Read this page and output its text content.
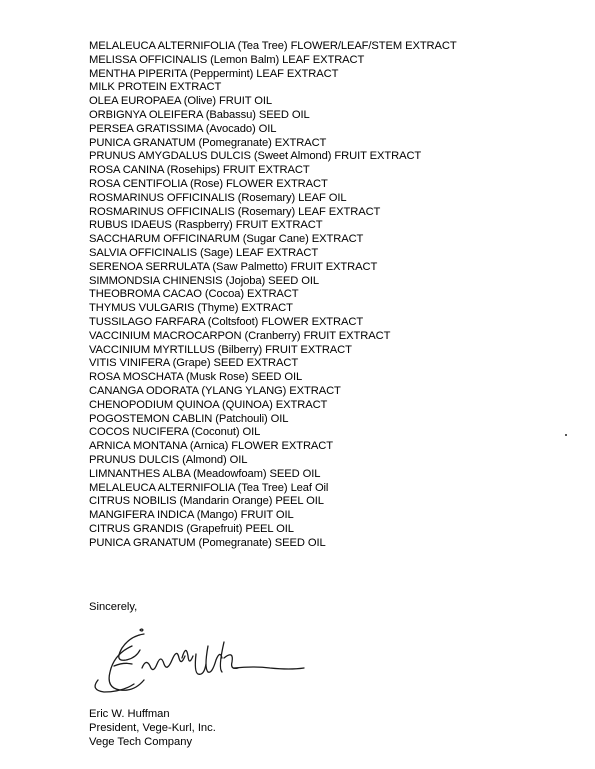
MELALEUCA ALTERNIFOLIA (Tea Tree) FLOWER/LEAF/STEM EXTRACT
MELISSA OFFICINALIS (Lemon Balm) LEAF EXTRACT
MENTHA PIPERITA (Peppermint) LEAF EXTRACT
MILK PROTEIN EXTRACT
OLEA EUROPAEA (Olive) FRUIT OIL
ORBIGNYA OLEIFERA (Babassu) SEED OIL
PERSEA GRATISSIMA (Avocado) OIL
PUNICA GRANATUM (Pomegranate) EXTRACT
PRUNUS AMYGDALUS DULCIS (Sweet Almond) FRUIT EXTRACT
ROSA CANINA (Rosehips) FRUIT EXTRACT
ROSA CENTIFOLIA (Rose) FLOWER EXTRACT
ROSMARINUS OFFICINALIS (Rosemary) LEAF OIL
ROSMARINUS OFFICINALIS (Rosemary) LEAF EXTRACT
RUBUS IDAEUS (Raspberry) FRUIT EXTRACT
SACCHARUM OFFICINARUM (Sugar Cane) EXTRACT
SALVIA OFFICINALIS (Sage) LEAF EXTRACT
SERENOA SERRULATA (Saw Palmetto) FRUIT EXTRACT
SIMMONDSIA CHINENSIS (Jojoba) SEED OIL
THEOBROMA CACAO (Cocoa) EXTRACT
THYMUS VULGARIS (Thyme) EXTRACT
TUSSILAGO FARFARA (Coltsfoot) FLOWER EXTRACT
VACCINIUM MACROCARPON (Cranberry) FRUIT EXTRACT
VACCINIUM MYRTILLUS (Bilberry) FRUIT EXTRACT
VITIS VINIFERA (Grape) SEED EXTRACT
ROSA MOSCHATA (Musk Rose) SEED OIL
CANANGA ODORATA (YLANG YLANG) EXTRACT
CHENOPODIUM QUINOA (QUINOA) EXTRACT
POGOSTEMON CABLIN (Patchouli) OIL
COCOS NUCIFERA (Coconut) OIL
ARNICA MONTANA (Arnica) FLOWER EXTRACT
PRUNUS DULCIS (Almond) OIL
LIMNANTHES ALBA (Meadowfoam) SEED OIL
MELALEUCA ALTERNIFOLIA (Tea Tree) Leaf Oil
CITRUS NOBILIS (Mandarin Orange) PEEL OIL
MANGIFERA INDICA (Mango) FRUIT OIL
CITRUS GRANDIS (Grapefruit) PEEL OIL
PUNICA GRANATUM (Pomegranate) SEED OIL
Sincerely,
Eric W. Huffman
President, Vege-Kurl, Inc.
Vege Tech Company
